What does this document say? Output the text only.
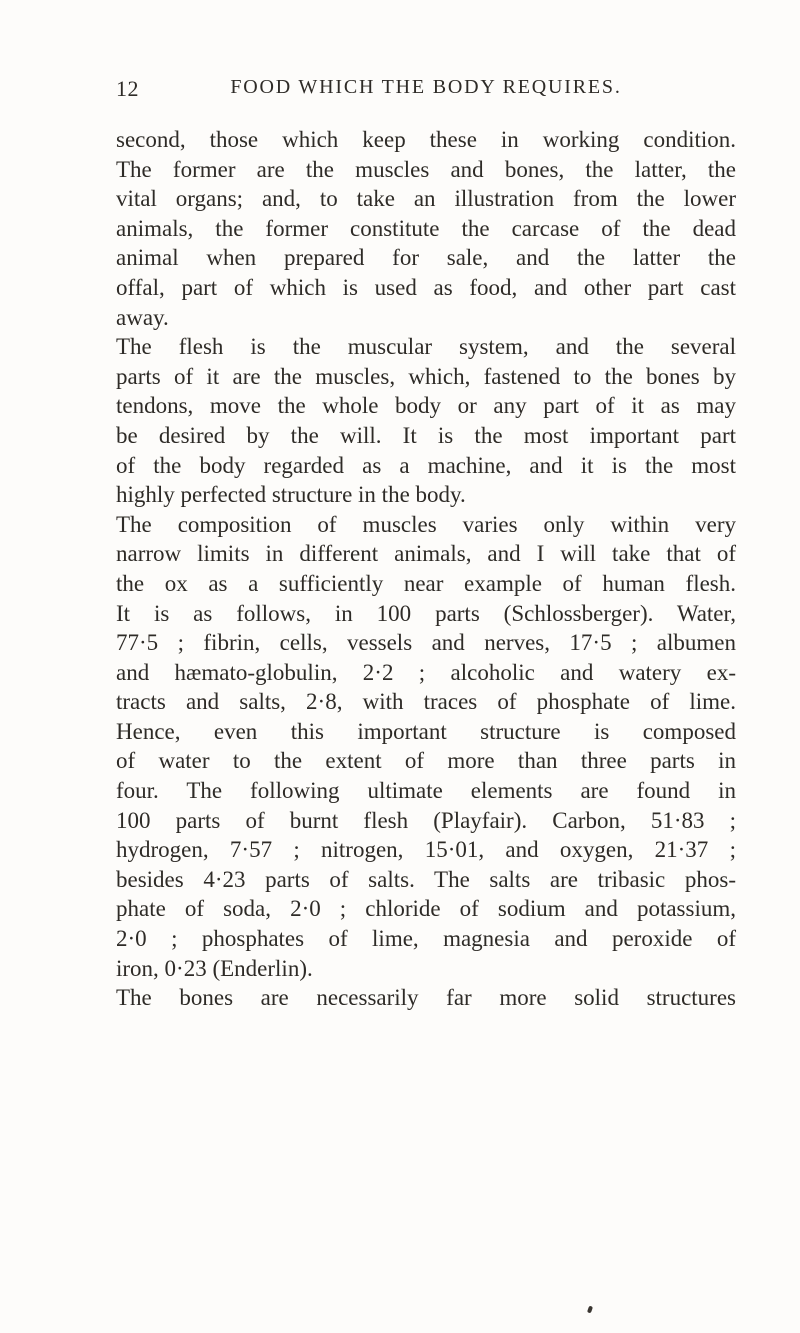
12	FOOD WHICH THE BODY REQUIRES.
second, those which keep these in working condition.
The former are the muscles and bones, the latter, the
vital organs; and, to take an illustration from the lower
animals, the former constitute the carcase of the dead
animal when prepared for sale, and the latter the
offal, part of which is used as food, and other part cast
away.
The flesh is the muscular system, and the several
parts of it are the muscles, which, fastened to the bones by
tendons, move the whole body or any part of it as may
be desired by the will. It is the most important part
of the body regarded as a machine, and it is the most
highly perfected structure in the body.
The composition of muscles varies only within very
narrow limits in different animals, and I will take that of
the ox as a sufficiently near example of human flesh.
It is as follows, in 100 parts (Schlossberger). Water,
77·5 ; fibrin, cells, vessels and nerves, 17·5 ; albumen
and hæmato-globulin, 2·2 ; alcoholic and watery ex-
tracts and salts, 2·8, with traces of phosphate of lime.
Hence, even this important structure is composed
of water to the extent of more than three parts in
four. The following ultimate elements are found in
100 parts of burnt flesh (Playfair). Carbon, 51·83 ;
hydrogen, 7·57 ; nitrogen, 15·01, and oxygen, 21·37 ;
besides 4·23 parts of salts. The salts are tribasic phos-
phate of soda, 2·0 ; chloride of sodium and potassium,
2·0 ; phosphates of lime, magnesia and peroxide of
iron, 0·23 (Enderlin).
The bones are necessarily far more solid structures
